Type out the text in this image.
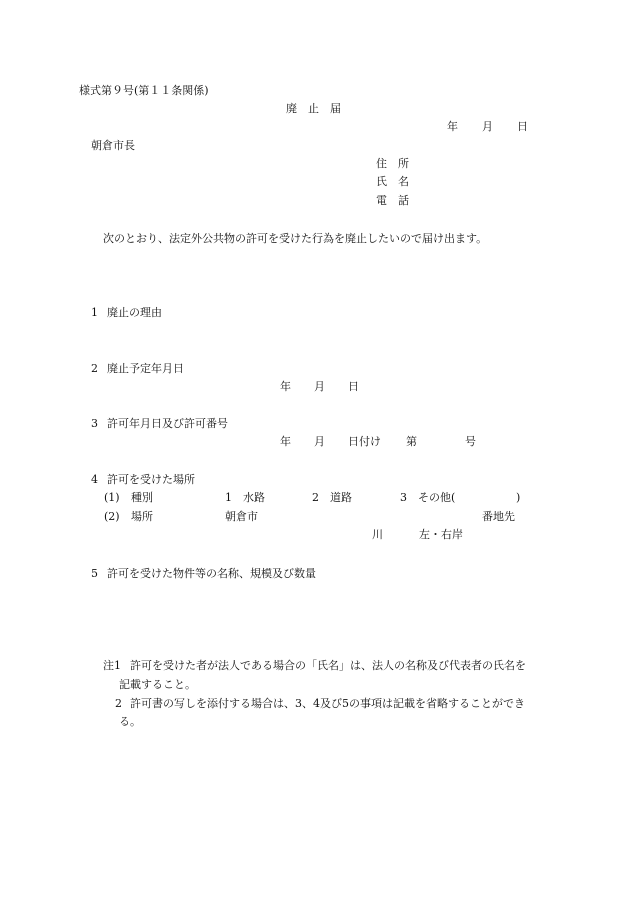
様式第９号(第１１条関係)
廃　止　届
年 月 日
朝倉市長
住　所
氏　名
電　話
次のとおり、法定外公共物の許可を受けた行為を廃止したいので届け出ます。
1 廃止の理由
2 廃止予定年月日
年 月 日
3 許可年月日及び許可番号
年 月 日付け 第	号
4 許可を受けた場所
(1) 種別	1　水路	2　道路	3　その他(	)
(2) 場所	朝倉市	番地先
川	左・右岸
5 許可を受けた物件等の名称、規模及び数量
注1 許可を受けた者が法人である場合の「氏名」は、法人の名称及び代表者の氏名を
記載すること。
2 許可書の写しを添付する場合は、3、4及び5の事項は記載を省略することができ
る。
